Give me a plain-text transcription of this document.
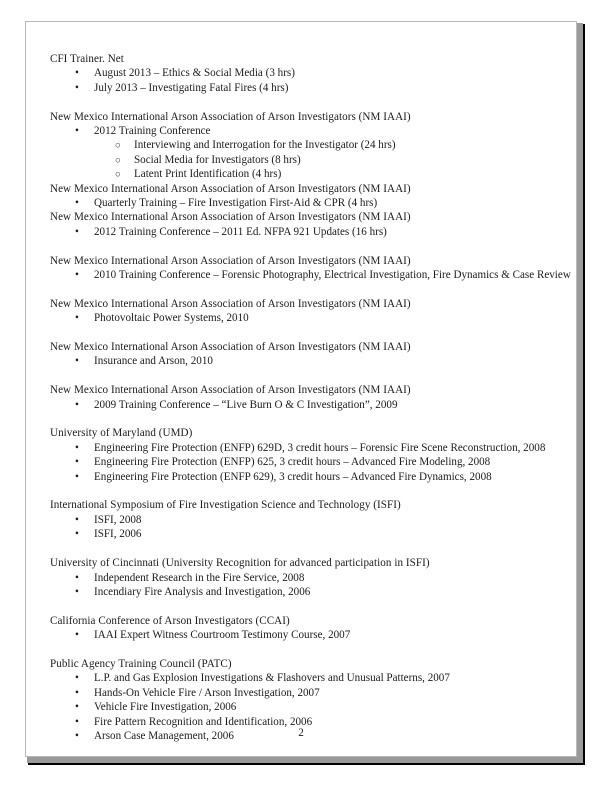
CFI Trainer. Net
•	August 2013 – Ethics & Social Media (3 hrs)
•	July 2013 – Investigating Fatal Fires (4 hrs)
New Mexico International Arson Association of Arson Investigators (NM IAAI)
•	2012 Training Conference
○ Interviewing and Interrogation for the Investigator (24 hrs)
○ Social Media for Investigators (8 hrs)
○ Latent Print Identification (4 hrs)
New Mexico International Arson Association of Arson Investigators (NM IAAI)
•	Quarterly Training – Fire Investigation First-Aid & CPR (4 hrs)
New Mexico International Arson Association of Arson Investigators (NM IAAI)
•	2012 Training Conference – 2011 Ed. NFPA 921 Updates (16 hrs)
New Mexico International Arson Association of Arson Investigators (NM IAAI)
•	2010 Training Conference – Forensic Photography, Electrical Investigation, Fire Dynamics & Case Review
New Mexico International Arson Association of Arson Investigators (NM IAAI)
•	Photovoltaic Power Systems, 2010
New Mexico International Arson Association of Arson Investigators (NM IAAI)
•	Insurance and Arson, 2010
New Mexico International Arson Association of Arson Investigators (NM IAAI)
•	2009 Training Conference – “Live Burn O & C Investigation”, 2009
University of Maryland (UMD)
•	Engineering Fire Protection (ENFP) 629D, 3 credit hours – Forensic Fire Scene Reconstruction, 2008
•	Engineering Fire Protection (ENFP) 625, 3 credit hours – Advanced Fire Modeling, 2008
•	Engineering Fire Protection (ENFP 629), 3 credit hours – Advanced Fire Dynamics, 2008
International Symposium of Fire Investigation Science and Technology (ISFI)
•	ISFI, 2008
•	ISFI, 2006
University of Cincinnati (University Recognition for advanced participation in ISFI)
•	Independent Research in the Fire Service, 2008
•	Incendiary Fire Analysis and Investigation, 2006
California Conference of Arson Investigators (CCAI)
•	IAAI Expert Witness Courtroom Testimony Course, 2007
Public Agency Training Council (PATC)
•	L.P. and Gas Explosion Investigations & Flashovers and Unusual Patterns, 2007
•	Hands-On Vehicle Fire / Arson Investigation, 2007
•	Vehicle Fire Investigation, 2006
•	Fire Pattern Recognition and Identification, 2006
•	Arson Case Management, 2006	2
